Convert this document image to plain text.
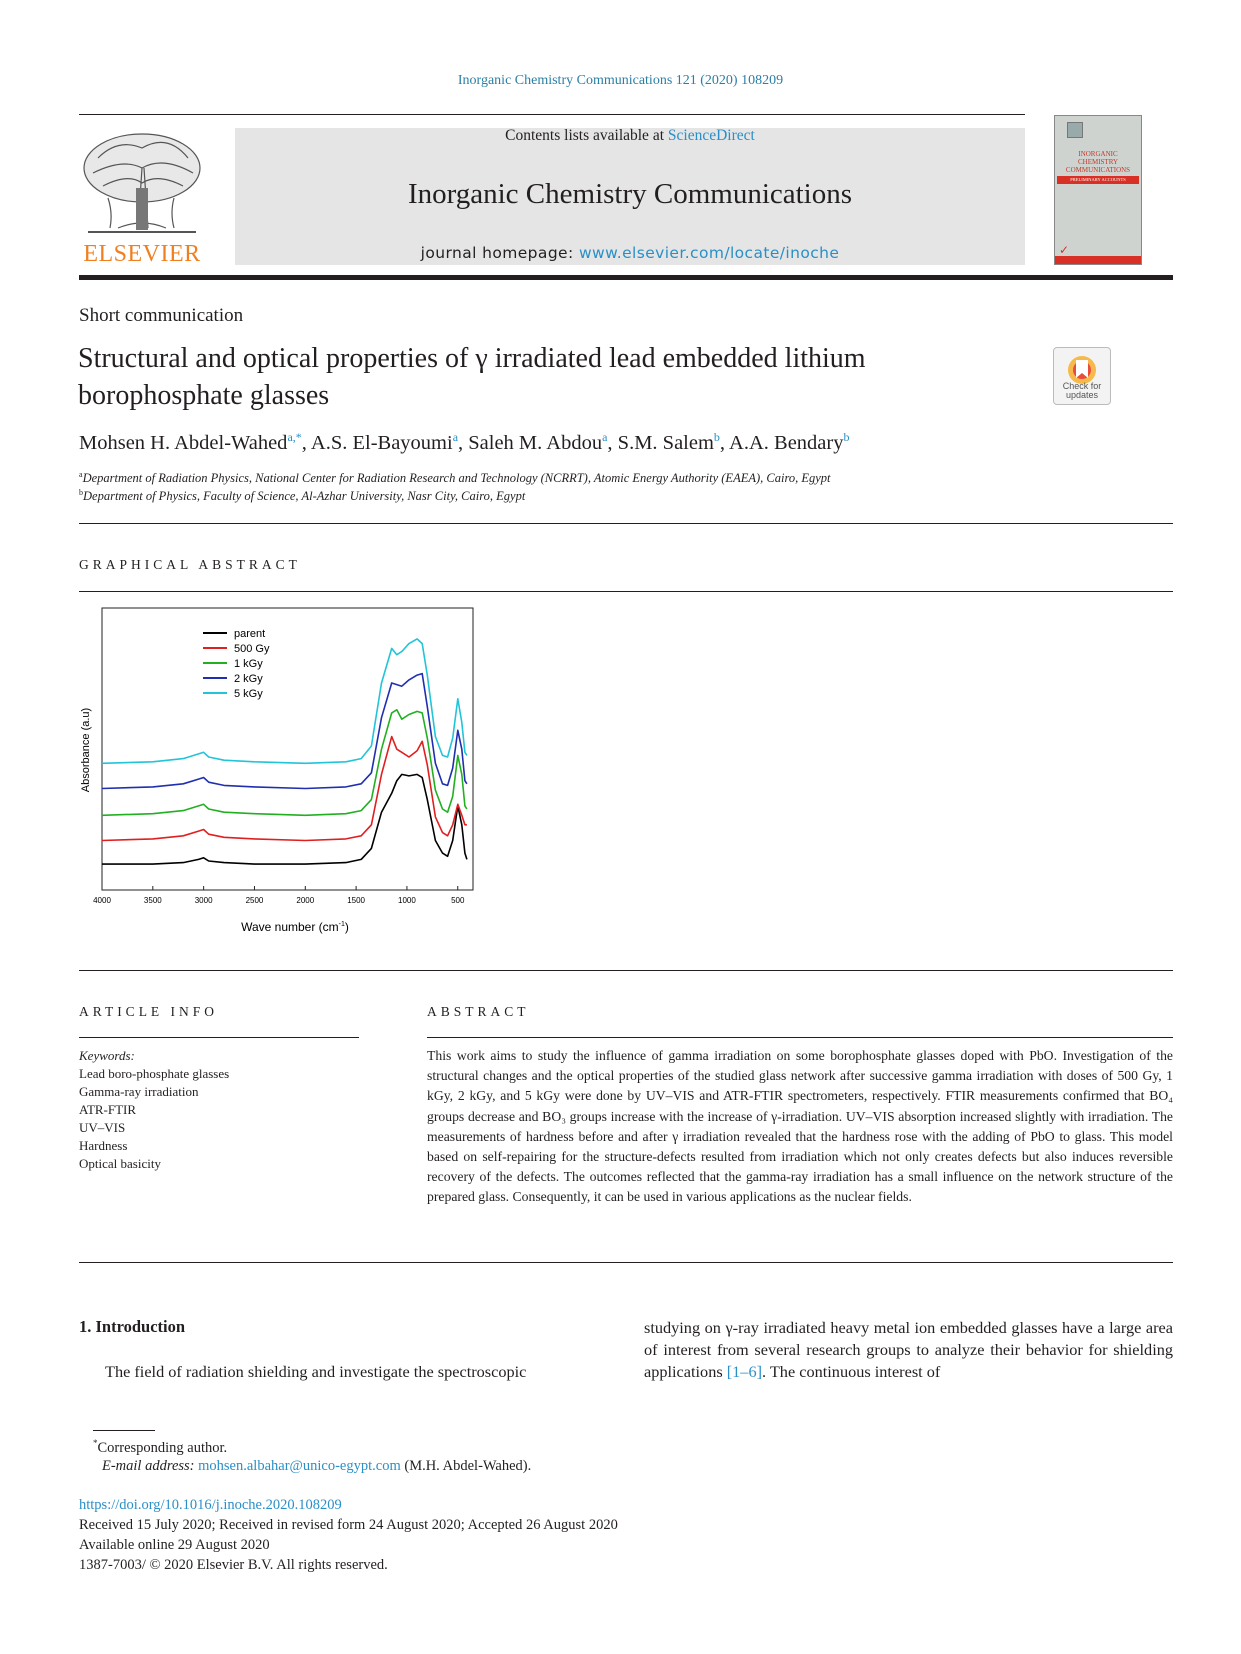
Inorganic Chemistry Communications 121 (2020) 108209
ELSEVIER
Contents lists available at ScienceDirect
Inorganic Chemistry Communications
journal homepage: www.elsevier.com/locate/inoche
INORGANIC CHEMISTRY COMMUNICATIONS
PRELIMINARY ACCOUNTS
✓
Short communication
Structural and optical properties of γ irradiated lead embedded lithium
borophosphate glasses	Check for updates
Mohsen H. Abdel-Wahed$^{a,*}$, A.S. El-Bayoumi$^a$, Saleh M. Abdou$^a$, S.M. Salem$^b$, A.A. Bendary$^b$
$^a$Department of Radiation Physics, National Center for Radiation Research and Technology (NCRRT), Atomic Energy Authority (EAEA), Cairo, Egypt
$^b$Department of Physics, Faculty of Science, Al-Azhar University, Nasr City, Cairo, Egypt
GRAPHICAL ABSTRACT
4000	3500	3000	2500	2000	1500	1000	500
parent
500 Gy
1 kGy
2 kGy
5 kGy
Wave number $(cm^{-1})$
Absorbance (a.u)
ARTICLE INFO
Keywords:
Lead boro-phosphate glasses
Gamma-ray irradiation
ATR-FTIR
UV–VIS
Hardness
Optical basicity
ABSTRACT
This work aims to study the influence of gamma irradiation on some borophosphate glasses doped with PbO. Investigation of the structural changes and the optical properties of the studied glass network after successive gamma irradiation with doses of 500 Gy, 1 kGy, 2 kGy, and 5 kGy were done by UV–VIS and ATR-FTIR spectrometers, respectively. FTIR measurements confirmed that BO₄ groups decrease and BO₃ groups increase with the increase of γ-irradiation. UV–VIS absorption increased slightly with irradiation. The measurements of hardness before and after γ irradiation revealed that the hardness rose with the adding of PbO to glass. This model based on self-repairing for the structure-defects resulted from irradiation which not only creates defects but also induces reversible recovery of the defects. The outcomes reflected that the gamma-ray irradiation has a small influence on the network structure of the prepared glass. Consequently, it can be used in various applications as the nuclear fields.
1. Introduction
The field of radiation shielding and investigate the spectroscopic
studying on γ-ray irradiated heavy metal ion embedded glasses have a large area of interest from several research groups to analyze their behavior for shielding applications [1–6]. The continuous interest of
*Corresponding author.
E-mail address: mohsen.albahar@unico-egypt.com (M.H. Abdel-Wahed).
https://doi.org/10.1016/j.inoche.2020.108209
Received 15 July 2020; Received in revised form 24 August 2020; Accepted 26 August 2020
Available online 29 August 2020
1387-7003/ © 2020 Elsevier B.V. All rights reserved.
